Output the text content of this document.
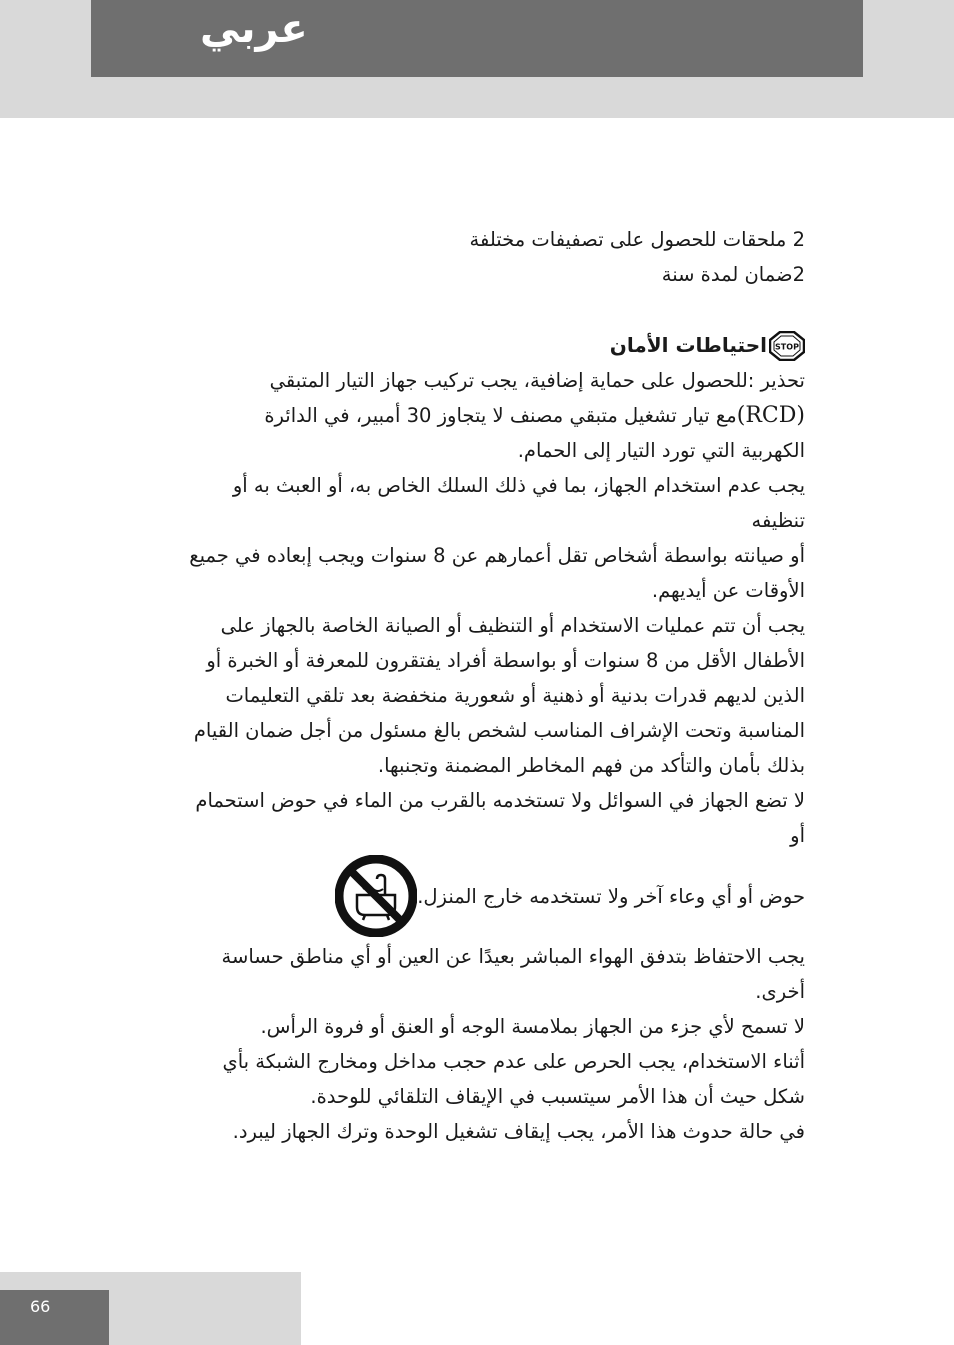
عربي

2 ملحقات للحصول على تصفيفات مختلفة

2ضمان لمدة سنة

STOP
احتياطات الأمان

تحذير :للحصول على حماية إضافية، يجب تركيب جهاز التيار المتبقي

(RCD)مع تيار تشغيل متبقي مصنف لا يتجاوز 30 أمبير، في الدائرة

الكهربية التي تورد التيار إلى الحمام.

يجب عدم استخدام الجهاز، بما في ذلك السلك الخاص به، أو العبث به أو تنظيفه

أو صيانته بواسطة أشخاص تقل أعمارهم عن 8 سنوات ويجب إبعاده في جميع

الأوقات عن أيديهم.

يجب أن تتم عمليات الاستخدام أو التنظيف أو الصيانة الخاصة بالجهاز على

الأطفال الأقل من 8 سنوات أو بواسطة أفراد يفتقرون للمعرفة أو الخبرة أو

الذين لديهم قدرات بدنية أو ذهنية أو شعورية منخفضة بعد تلقي التعليمات

المناسبة وتحت الإشراف المناسب لشخص بالغ مسئول من أجل ضمان القيام

بذلك بأمان والتأكد من فهم المخاطر المضمنة وتجنبها.

لا تضع الجهاز في السوائل ولا تستخدمه بالقرب من الماء في حوض استحمام أو

حوض أو أي وعاء آخر ولا تستخدمه خارج المنزل.

يجب الاحتفاظ بتدفق الهواء المباشر بعيدًا عن العين أو أي مناطق حساسة

أخرى.

لا تسمح لأي جزء من الجهاز بملامسة الوجه أو العنق أو فروة الرأس.

أثناء الاستخدام، يجب الحرص على عدم حجب مداخل ومخارج الشبكة بأي

شكل حيث أن هذا الأمر سيتسبب في الإيقاف التلقائي للوحدة.

في حالة حدوث هذا الأمر، يجب إيقاف تشغيل الوحدة وترك الجهاز ليبرد.

66
